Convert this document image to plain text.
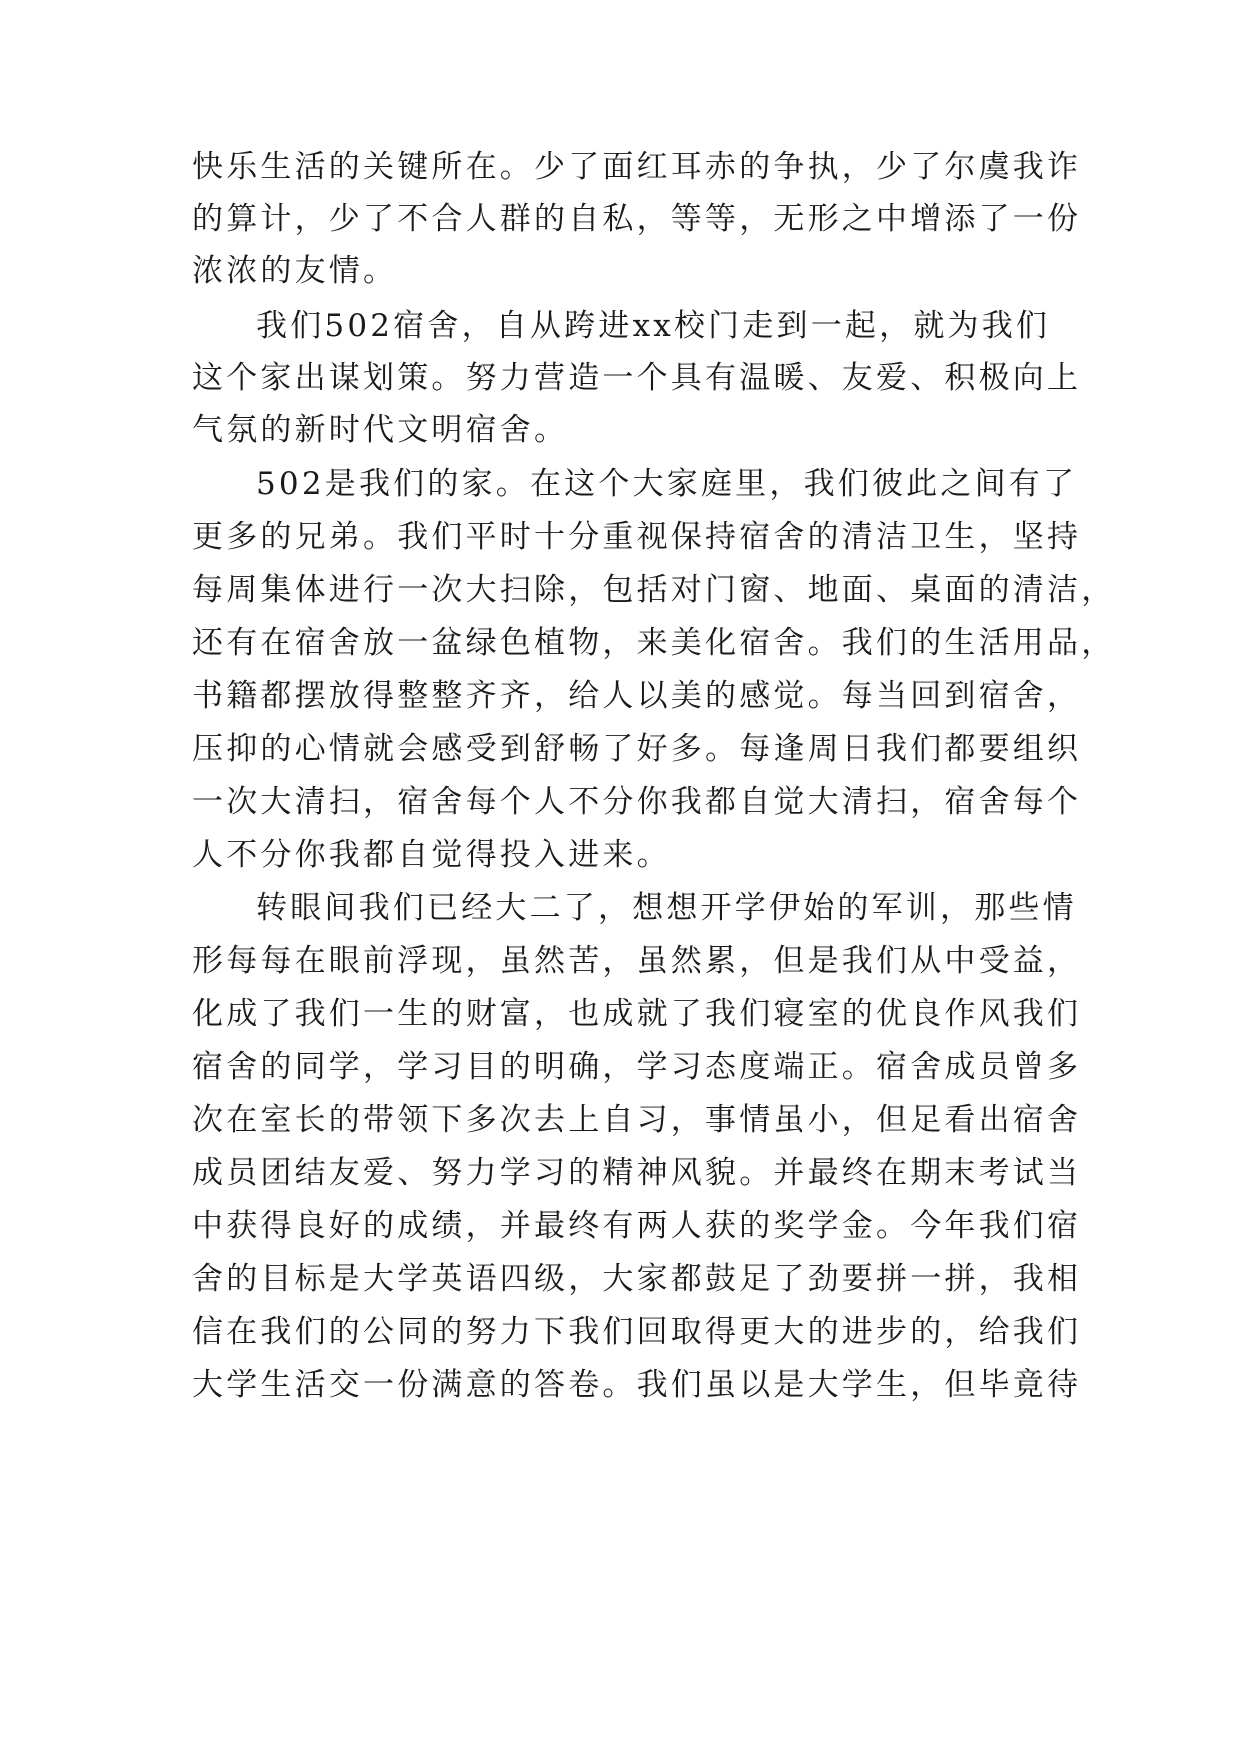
快乐生活的关键所在。少了面红耳赤的争执，少了尔虞我诈
的算计，少了不合人群的自私，等等，无形之中增添了一份
浓浓的友情。
我们502宿舍，自从跨进xx校门走到一起，就为我们
这个家出谋划策。努力营造一个具有温暖、友爱、积极向上
气氛的新时代文明宿舍。
502是我们的家。在这个大家庭里，我们彼此之间有了
更多的兄弟。我们平时十分重视保持宿舍的清洁卫生，坚持
每周集体进行一次大扫除，包括对门窗、地面、桌面的清洁，
还有在宿舍放一盆绿色植物，来美化宿舍。我们的生活用品，
书籍都摆放得整整齐齐，给人以美的感觉。每当回到宿舍，
压抑的心情就会感受到舒畅了好多。每逢周日我们都要组织
一次大清扫，宿舍每个人不分你我都自觉大清扫，宿舍每个
人不分你我都自觉得投入进来。
转眼间我们已经大二了，想想开学伊始的军训，那些情
形每每在眼前浮现，虽然苦，虽然累，但是我们从中受益，
化成了我们一生的财富，也成就了我们寝室的优良作风我们
宿舍的同学，学习目的明确，学习态度端正。宿舍成员曾多
次在室长的带领下多次去上自习，事情虽小，但足看出宿舍
成员团结友爱、努力学习的精神风貌。并最终在期末考试当
中获得良好的成绩，并最终有两人获的奖学金。今年我们宿
舍的目标是大学英语四级，大家都鼓足了劲要拼一拼，我相
信在我们的公同的努力下我们回取得更大的进步的，给我们
大学生活交一份满意的答卷。我们虽以是大学生，但毕竟待
